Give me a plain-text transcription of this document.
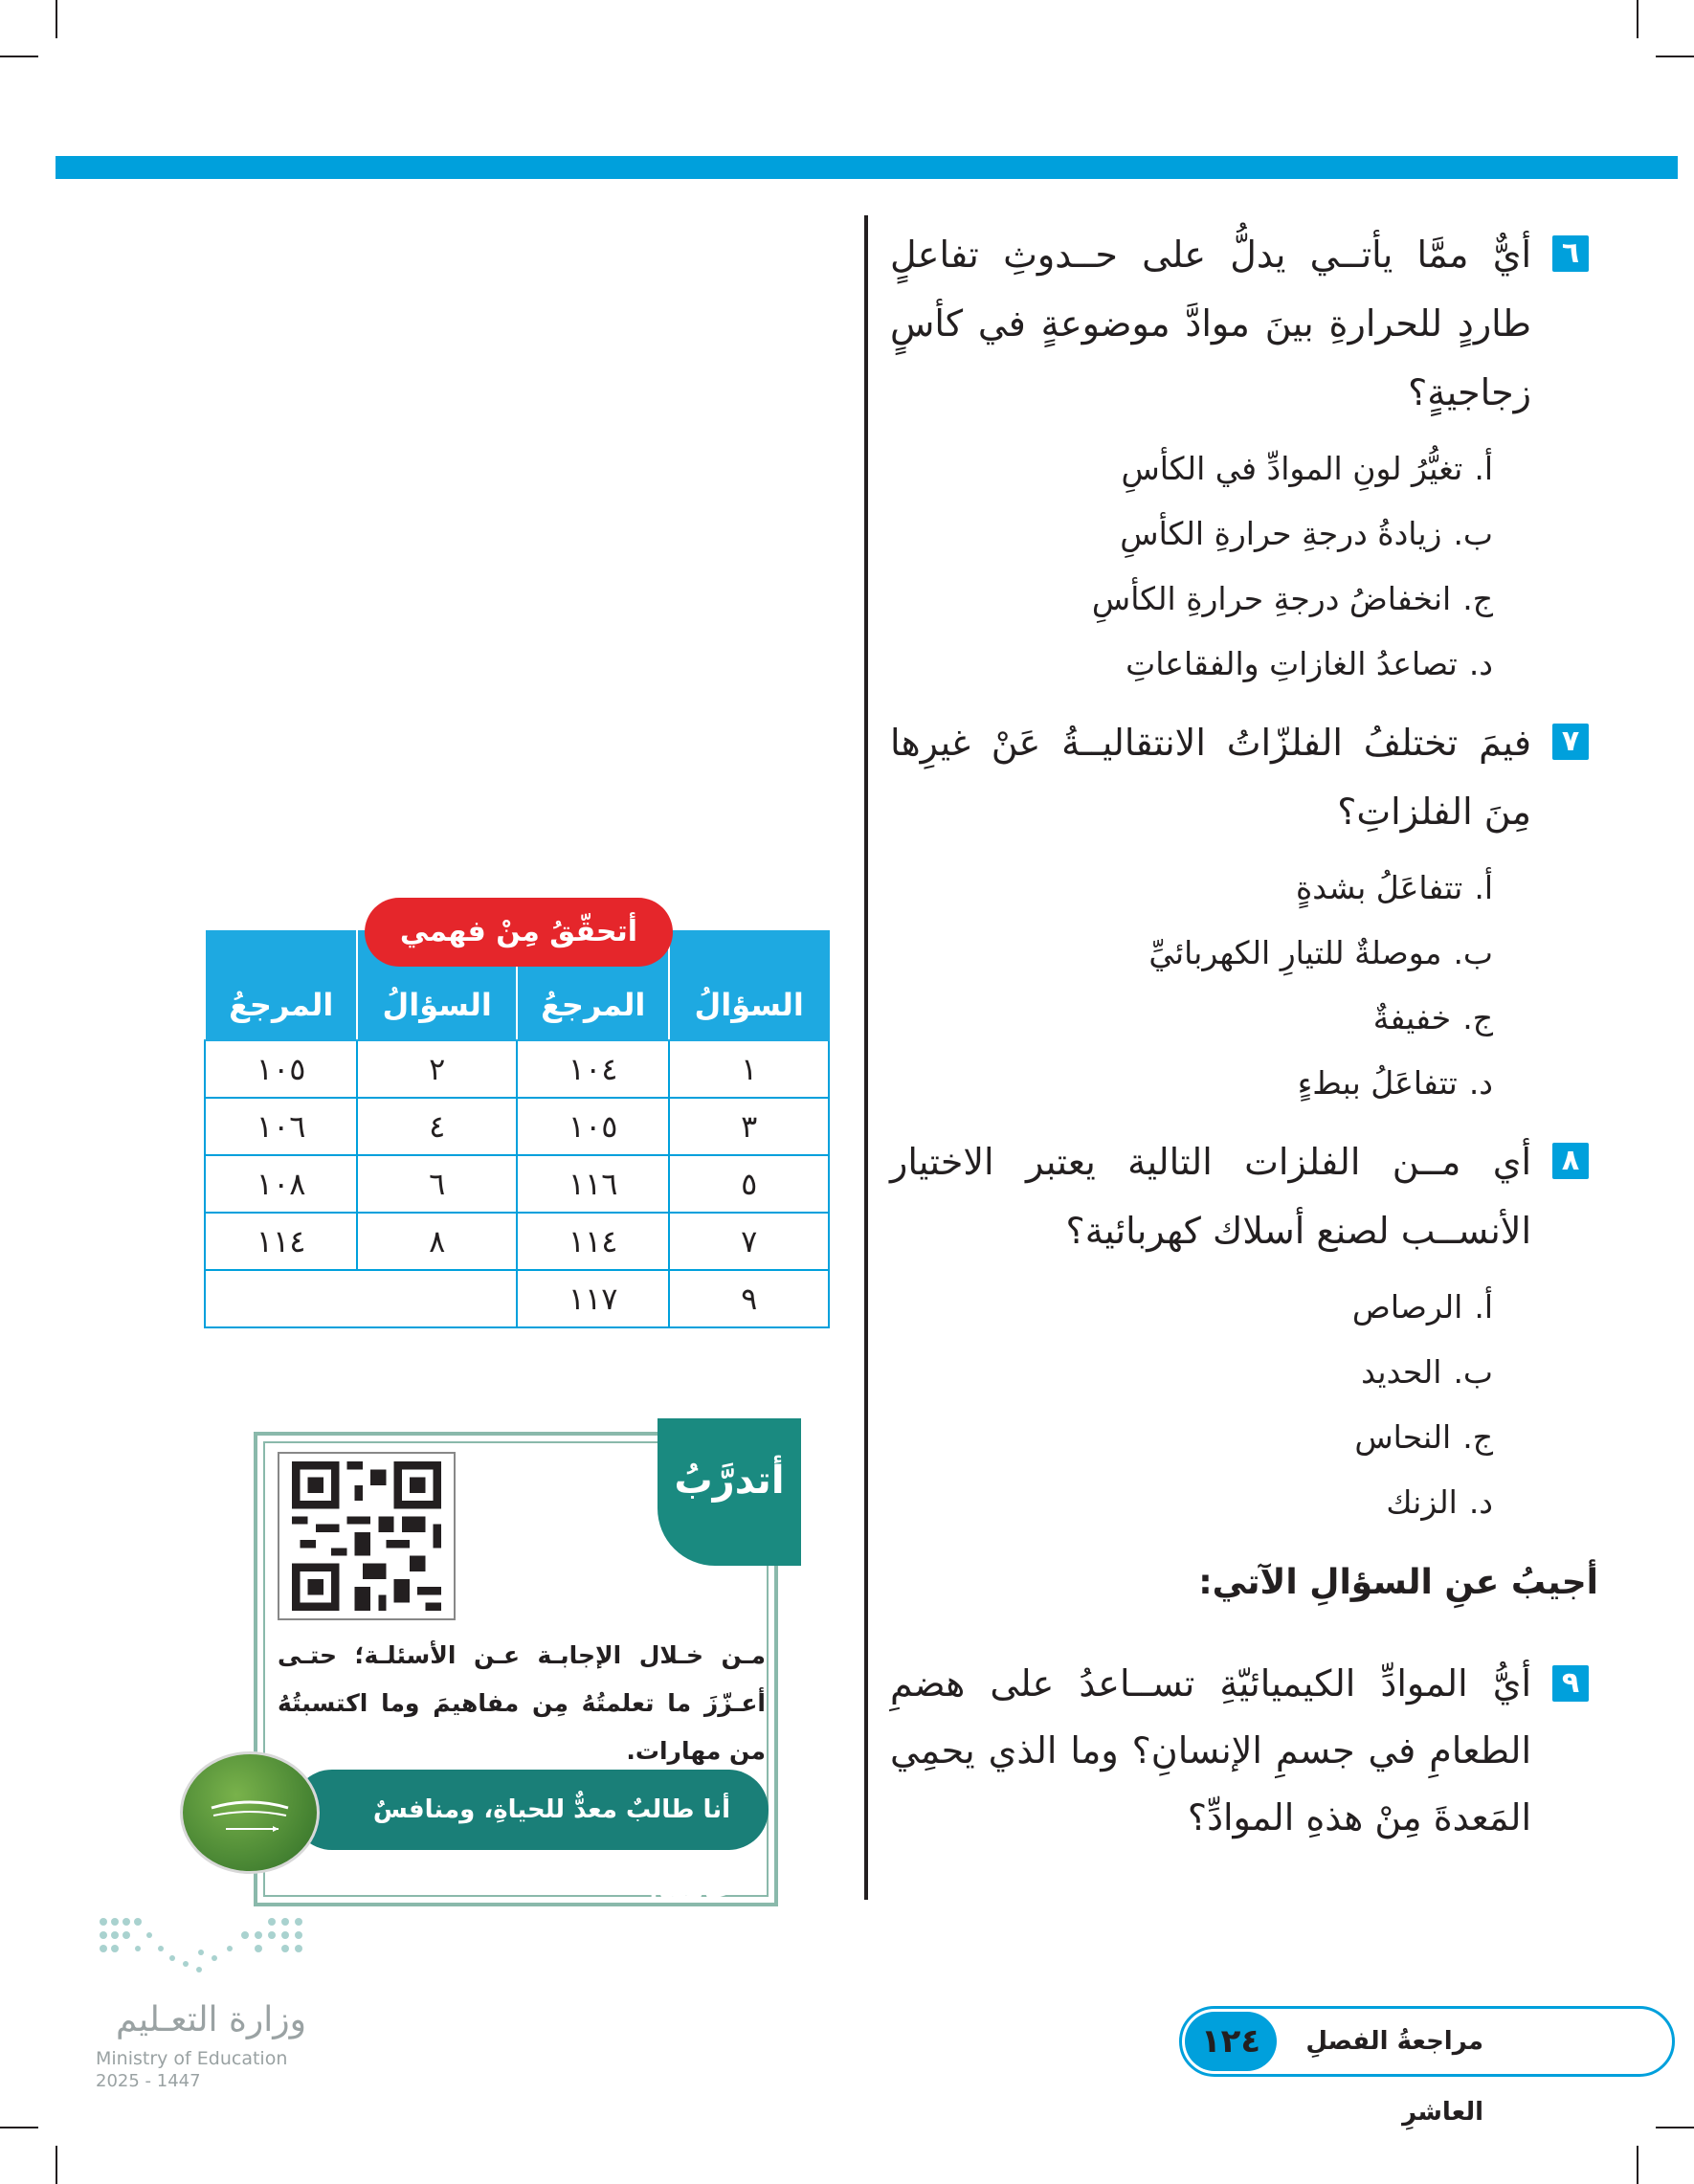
٦

أيٌّ ممَّا يأتــي يدلُّ على حــدوثِ تفاعلٍ طاردٍ للحرارةِ بينَ موادَّ موضوعةٍ في كأسٍ زجاجيةٍ؟

أ.تغيُّرُ لونِ الموادِّ في الكأسِ
ب.زيادةُ درجةِ حرارةِ الكأسِ
ج.انخفاضُ درجةِ حرارةِ الكأسِ
د.تصاعدُ الغازاتِ والفقاعاتِ
٧

فيمَ تختلفُ الفلزّاتُ الانتقاليــةُ عَنْ غيرِها مِنَ الفلزاتِ؟

أ.تتفاعَلُ بشدةٍ
ب.موصلةٌ للتيارِ الكهربائيِّ
ج.خفيفةٌ
د.تتفاعَلُ ببطءٍ
٨

أي مــن الفلزات التالية يعتبر الاختيار الأنســب لصنع أسلاك كهربائية؟

أ.الرصاص
ب.الحديد
ج.النحاس
د.الزنك

أجيبُ عنِ السؤالِ الآتي:

٩

أيُّ الموادِّ الكيميائيّةِ تســاعدُ على هضمِ الطعامِ في جسمِ الإنسانِ؟ وما الذي يحمِي المَعدةَ مِنْ هذهِ الموادِّ؟

أتحقّقُ مِنْ فهمي
السؤالُ	المرجعُ	السؤالُ	المرجعُ
١	١٠٤	٢	١٠٥
٣	١٠٥	٤	١٠٦
٥	١١٦	٦	١٠٨
٧	١١٤	٨	١١٤
٩	١١٧		
أتدرَّبُ

مـن خـلال الإجابـة عـن الأسئلـة؛ حتـى أعـزّزَ ما تعلمتُهُ مِن مفاهيمَ وما اكتسبتُهُ من مهارات.

أنا طالبٌ معدٌّ للحياةِ، ومنافسٌ عالميًا.
وزارة التعـليم
Ministry of Education
2025 - 1447
مراجعةُ الفصلِ العاشرِ
١٢٤
